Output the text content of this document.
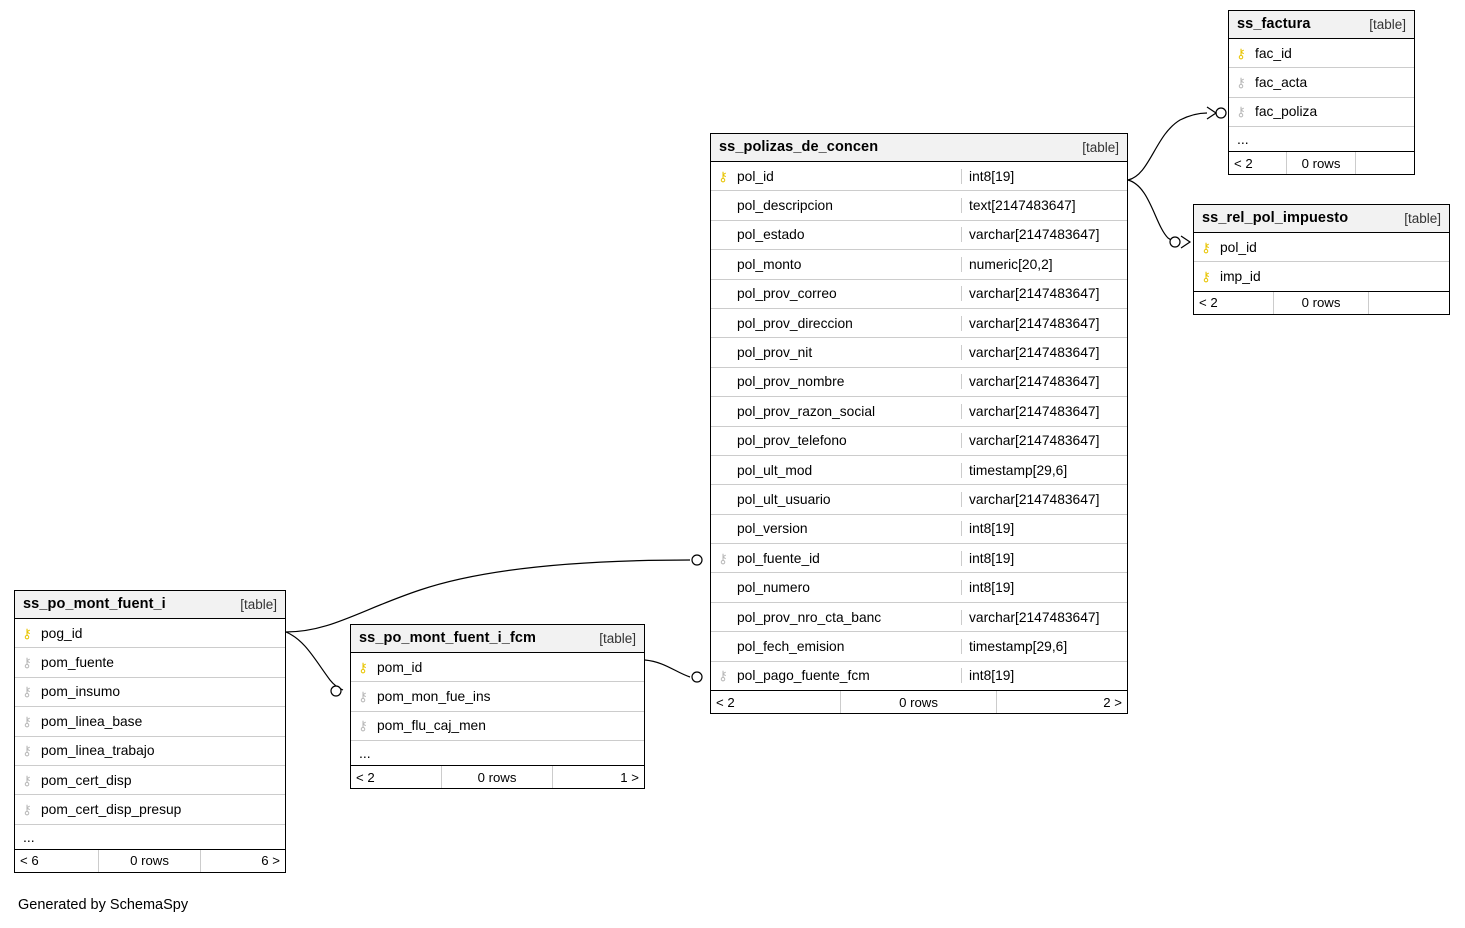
Generated by SchemaSpy
ss_polizas_de_concen	[table]
⚷ pol_id	int8[19]
pol_descripcion	text[2147483647]
pol_estado	varchar[2147483647]
pol_monto	numeric[20,2]
pol_prov_correo	varchar[2147483647]
pol_prov_direccion	varchar[2147483647]
pol_prov_nit	varchar[2147483647]
pol_prov_nombre	varchar[2147483647]
pol_prov_razon_social	varchar[2147483647]
pol_prov_telefono	varchar[2147483647]
pol_ult_mod	timestamp[29,6]
pol_ult_usuario	varchar[2147483647]
pol_version	int8[19]
⚷ pol_fuente_id	int8[19]
pol_numero	int8[19]
pol_prov_nro_cta_banc	varchar[2147483647]
pol_fech_emision	timestamp[29,6]
⚷ pol_pago_fuente_fcm	int8[19]
< 2	0 rows	2 >
ss_factura	[table]
⚷ fac_id
⚷ fac_acta
⚷ fac_poliza
...
< 2	0 rows
ss_rel_pol_impuesto	[table]
⚷ pol_id
⚷ imp_id
< 2	0 rows
ss_po_mont_fuent_i	[table]
⚷ pog_id
⚷ pom_fuente
⚷ pom_insumo
⚷ pom_linea_base
⚷ pom_linea_trabajo
⚷ pom_cert_disp
⚷ pom_cert_disp_presup
...
< 6	0 rows	6 >
ss_po_mont_fuent_i_fcm	[table]
⚷ pom_id
⚷ pom_mon_fue_ins
⚷ pom_flu_caj_men
...
< 2	0 rows	1 >
